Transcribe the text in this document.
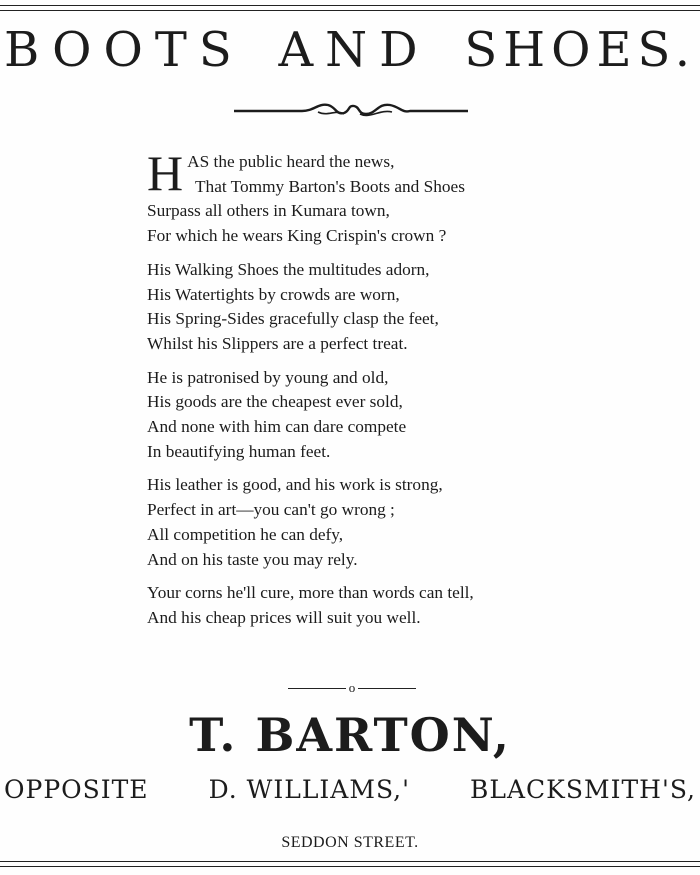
BOOTS AND SHOES.
H AS the public heard the news,
That Tommy Barton's Boots and Shoes
Surpass all others in Kumara town,
For which he wears King Crispin's crown ?
His Walking Shoes the multitudes adorn,
His Watertights by crowds are worn,
His Spring-Sides gracefully clasp the feet,
Whilst his Slippers are a perfect treat.
He is patronised by young and old,
His goods are the cheapest ever sold,
And none with him can dare compete
In beautifying human feet.
His leather is good, and his work is strong,
Perfect in art—you can't go wrong ;
All competition he can defy,
And on his taste you may rely.
Your corns he'll cure, more than words can tell,
And his cheap prices will suit you well.
o
T. BARTON,
OPPOSITE D. WILLIAMS,' BLACKSMITH'S,
SEDDON STREET.
